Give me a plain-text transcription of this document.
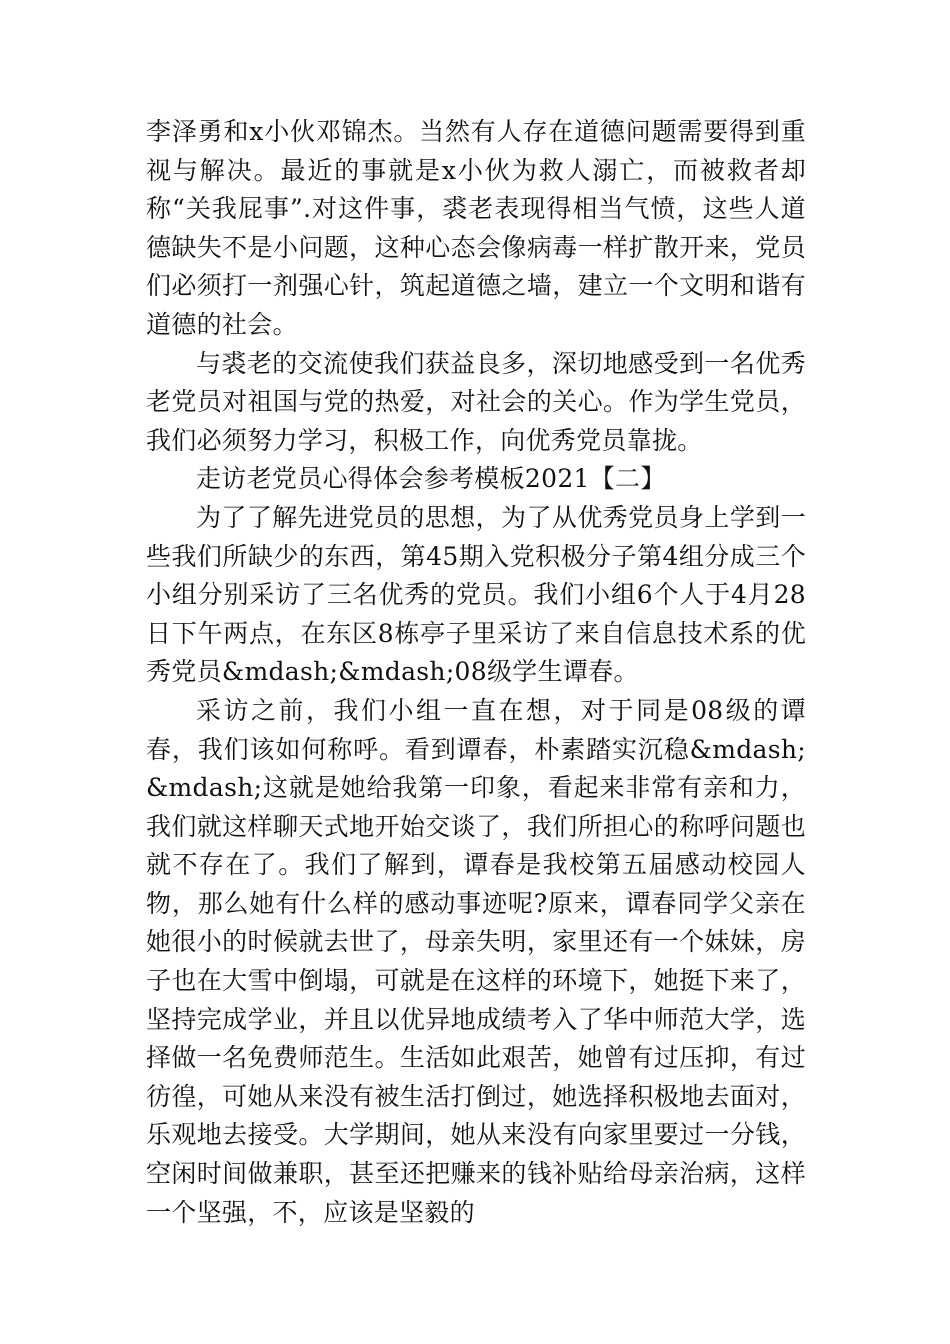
李泽勇和x小伙邓锦杰。当然有人存在道德问题需要得到重视与解决。最近的事就是x小伙为救人溺亡，而被救者却称“关我屁事”.对这件事，裘老表现得相当气愤，这些人道德缺失不是小问题，这种心态会像病毒一样扩散开来，党员们必须打一剂强心针，筑起道德之墙，建立一个文明和谐有道德的社会。

与裘老的交流使我们获益良多，深切地感受到一名优秀老党员对祖国与党的热爱，对社会的关心。作为学生党员，我们必须努力学习，积极工作，向优秀党员靠拢。

走访老党员心得体会参考模板2021【二】

为了了解先进党员的思想，为了从优秀党员身上学到一些我们所缺少的东西，第45期入党积极分子第4组分成三个小组分别采访了三名优秀的党员。我们小组6个人于4月28日下午两点，在东区8栋亭子里采访了来自信息技术系的优秀党员&mdash;&mdash;08级学生谭春。

采访之前，我们小组一直在想，对于同是08级的谭春，我们该如何称呼。看到谭春，朴素踏实沉稳&mdash;&mdash;这就是她给我第一印象，看起来非常有亲和力，我们就这样聊天式地开始交谈了，我们所担心的称呼问题也就不存在了。我们了解到，谭春是我校第五届感动校园人物，那么她有什么样的感动事迹呢?原来，谭春同学父亲在她很小的时候就去世了，母亲失明，家里还有一个妹妹，房子也在大雪中倒塌，可就是在这样的环境下，她挺下来了，坚持完成学业，并且以优异地成绩考入了华中师范大学，选择做一名免费师范生。生活如此艰苦，她曾有过压抑，有过彷徨，可她从来没有被生活打倒过，她选择积极地去面对，乐观地去接受。大学期间，她从来没有向家里要过一分钱，空闲时间做兼职，甚至还把赚来的钱补贴给母亲治病，这样一个坚强，不，应该是坚毅的
